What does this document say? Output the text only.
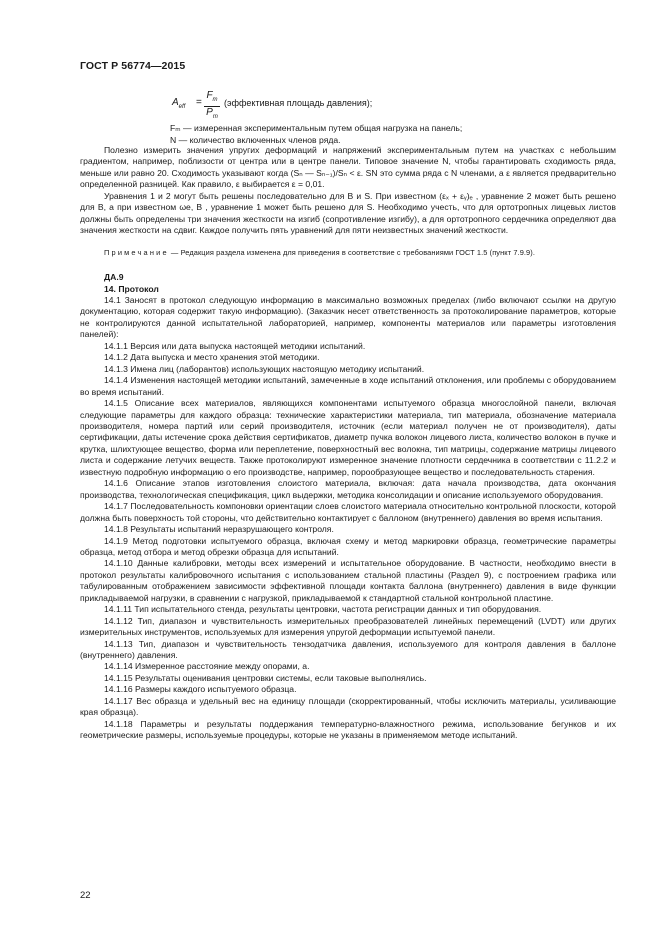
ГОСТ Р 56774—2015
$A_{eff} = \frac{F_m}{P_m}$ (эффективная площадь давления);
Fₘ — измеренная экспериментальным путем общая нагрузка на панель;
N — количество включенных членов ряда.

Полезно измерить значения упругих деформаций и напряжений экспериментальным путем на участках с небольшим градиентом, например, поблизости от центра или в центре панели. Типовое значение N, чтобы гарантировать сходимость ряда, меньше или равно 20. Сходимость указывают когда (Sₙ — Sₙ₋₁)/Sₙ < ε. SN это сумма ряда с N членами, а ε является предварительно определенной разницей. Как правило, ε выбирается ε = 0,01.

Уравнения 1 и 2 могут быть решены последовательно для B и S. При известном (εₓ + εᵧ)ₑ , уравнение 2 может быть решено для B, а при известном ωе, B , уравнение 1 может быть решено для S. Необходимо учесть, что для ортотропных лицевых листов должны быть определены три значения жесткости на изгиб (сопротивление изгибу), а для ортотропного сердечника определяют два значения жесткости на сдвиг. Каждое получить пять уравнений для пяти неизвестных значений жесткости.

Примечание — Редакция раздела изменена для приведения в соответствие с требованиями ГОСТ 1.5 (пункт 7.9.9).

ДА.9

14. Протокол

14.1 Заносят в протокол следующую информацию в максимально возможных пределах (либо включают ссылки на другую документацию, которая содержит такую информацию). (Заказчик несет ответственность за протоколирование параметров, которые не контролируются данной испытательной лабораторией, например, компоненты материалов или параметры изготовления панелей):

14.1.1 Версия или дата выпуска настоящей методики испытаний.

14.1.2 Дата выпуска и место хранения этой методики.

14.1.3 Имена лиц (лаборантов) использующих настоящую методику испытаний.

14.1.4 Изменения настоящей методики испытаний, замеченные в ходе испытаний отклонения, или проблемы с оборудованием во время испытаний.

14.1.5 Описание всех материалов, являющихся компонентами испытуемого образца многослойной панели, включая следующие параметры для каждого образца: технические характеристики материала, тип материала, обозначение материала производителя, номера партий или серий производителя, источник (если материал получен не от производителя), даты сертификации, даты истечение срока действия сертификатов, диаметр пучка волокон лицевого листа, количество волокон в пучке и крутка, шлихтующее вещество, форма или переплетение, поверхностный вес волокна, тип матрицы, содержание матрицы лицевого листа и содержание летучих веществ. Также протоколируют измеренное значение плотности сердечника в соответствии с 11.2.2 и известную подробную информацию о его производстве, например, порообразующее вещество и последовательность старения.

14.1.6 Описание этапов изготовления слоистого материала, включая: дата начала производства, дата окончания производства, технологическая спецификация, цикл выдержки, методика консолидации и описание используемого оборудования.

14.1.7 Последовательность компоновки ориентации слоев слоистого материала относительно контрольной плоскости, которой должна быть поверхность той стороны, что действительно контактирует с баллоном (внутреннего) давления во время испытания.

14.1.8 Результаты испытаний неразрушающего контроля.

14.1.9 Метод подготовки испытуемого образца, включая схему и метод маркировки образца, геометрические параметры образца, метод отбора и метод обрезки образца для испытаний.

14.1.10 Данные калибровки, методы всех измерений и испытательное оборудование. В частности, необходимо внести в протокол результаты калибровочного испытания с использованием стальной пластины (Раздел 9), с построением графика или табулированным отображением зависимости эффективной площади контакта баллона (внутреннего) давления в виде функции прикладываемой нагрузки, в сравнении с нагрузкой, прикладываемой к стандартной стальной контрольной пластине.

14.1.11 Тип испытательного стенда, результаты центровки, частота регистрации данных и тип оборудования.

14.1.12 Тип, диапазон и чувствительность измерительных преобразователей линейных перемещений (LVDT) или других измерительных инструментов, используемых для измерения упругой деформации испытуемой панели.

14.1.13 Тип, диапазон и чувствительность тензодатчика давления, используемого для контроля давления в баллоне (внутреннего) давления.

14.1.14 Измеренное расстояние между опорами, а.

14.1.15 Результаты оценивания центровки системы, если таковые выполнялись.

14.1.16 Размеры каждого испытуемого образца.

14.1.17 Вес образца и удельный вес на единицу площади (скорректированный, чтобы исключить материалы, усиливающие края образца).

14.1.18 Параметры и результаты поддержания температурно-влажностного режима, использование бегунков и их геометрические размеры, используемые процедуры, которые не указаны в применяемом методе испытаний.

22
